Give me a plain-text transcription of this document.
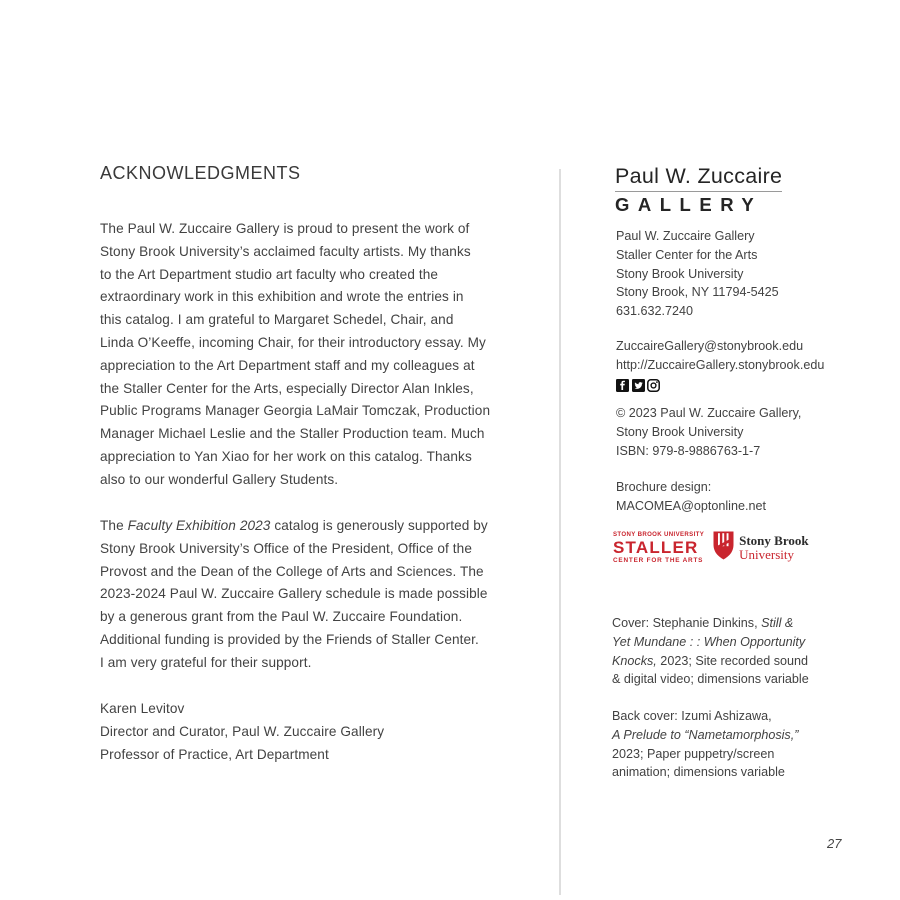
ACKNOWLEDGMENTS

The Paul W. Zuccaire Gallery is proud to present the work of
Stony Brook University’s acclaimed faculty artists. My thanks
to the Art Department studio art faculty who created the
extraordinary work in this exhibition and wrote the entries in
this catalog. I am grateful to Margaret Schedel, Chair, and
Linda O’Keeffe, incoming Chair, for their introductory essay. My
appreciation to the Art Department staff and my colleagues at
the Staller Center for the Arts, especially Director Alan Inkles,
Public Programs Manager Georgia LaMair Tomczak, Production
Manager Michael Leslie and the Staller Production team. Much
appreciation to Yan Xiao for her work on this catalog. Thanks
also to our wonderful Gallery Students.

The Faculty Exhibition 2023 catalog is generously supported by
Stony Brook University’s Office of the President, Office of the
Provost and the Dean of the College of Arts and Sciences. The
2023-2024 Paul W. Zuccaire Gallery schedule is made possible
by a generous grant from the Paul W. Zuccaire Foundation.
Additional funding is provided by the Friends of Staller Center.
I am very grateful for their support.

Karen Levitov
Director and Curator, Paul W. Zuccaire Gallery
Professor of Practice, Art Department

Paul W. Zuccaire
GALLERY

Paul W. Zuccaire Gallery
Staller Center for the Arts
Stony Brook University
Stony Brook, NY 11794-5425
631.632.7240

ZuccaireGallery@stonybrook.edu
http://ZuccaireGallery.stonybrook.edu

© 2023 Paul W. Zuccaire Gallery,
Stony Brook University
ISBN: 979-8-9886763-1-7

Brochure design:
MACOMEA@optonline.net

STONY BROOK UNIVERSITY
STALLER
CENTER FOR THE ARTS
Stony Brook
University

Cover: Stephanie Dinkins, Still &
Yet Mundane : : When Opportunity
Knocks, 2023; Site recorded sound
& digital video; dimensions variable

Back cover: Izumi Ashizawa,
A Prelude to “Nametamorphosis,”
2023; Paper puppetry/screen
animation; dimensions variable

27
